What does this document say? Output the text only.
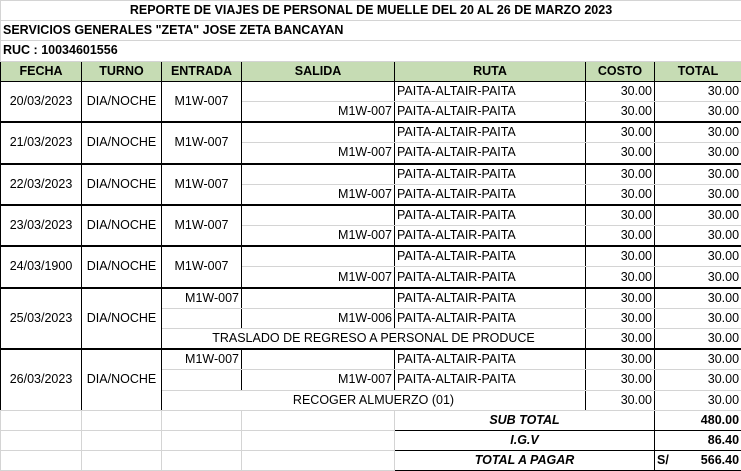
REPORTE DE VIAJES DE PERSONAL DE MUELLE DEL 20 AL 26 DE MARZO 2023						
SERVICIOS GENERALES "ZETA" JOSE ZETA BANCAYAN						
RUC : 10034601556						
FECHA	TURNO	ENTRADA	SALIDA	RUTA	COSTO	TOTAL
20/03/2023	DIA/NOCHE	M1W-007		PAITA-ALTAIR-PAITA	30.00	30.00
			M1W-007	PAITA-ALTAIR-PAITA	30.00	30.00
21/03/2023	DIA/NOCHE	M1W-007		PAITA-ALTAIR-PAITA	30.00	30.00
			M1W-007	PAITA-ALTAIR-PAITA	30.00	30.00
22/03/2023	DIA/NOCHE	M1W-007		PAITA-ALTAIR-PAITA	30.00	30.00
			M1W-007	PAITA-ALTAIR-PAITA	30.00	30.00
23/03/2023	DIA/NOCHE	M1W-007		PAITA-ALTAIR-PAITA	30.00	30.00
			M1W-007	PAITA-ALTAIR-PAITA	30.00	30.00
24/03/1900	DIA/NOCHE	M1W-007		PAITA-ALTAIR-PAITA	30.00	30.00
			M1W-007	PAITA-ALTAIR-PAITA	30.00	30.00
25/03/2023	DIA/NOCHE	M1W-007		PAITA-ALTAIR-PAITA	30.00	30.00
			M1W-006	PAITA-ALTAIR-PAITA	30.00	30.00
		TRASLADO DE REGRESO A PERSONAL DE PRODUCE			30.00	30.00
26/03/2023	DIA/NOCHE	M1W-007		PAITA-ALTAIR-PAITA	30.00	30.00
			M1W-007	PAITA-ALTAIR-PAITA	30.00	30.00
		RECOGER ALMUERZO (01)			30.00	30.00
				SUB TOTAL		480.00
				I.G.V		86.40
				TOTAL A PAGAR		S/ 566.40
